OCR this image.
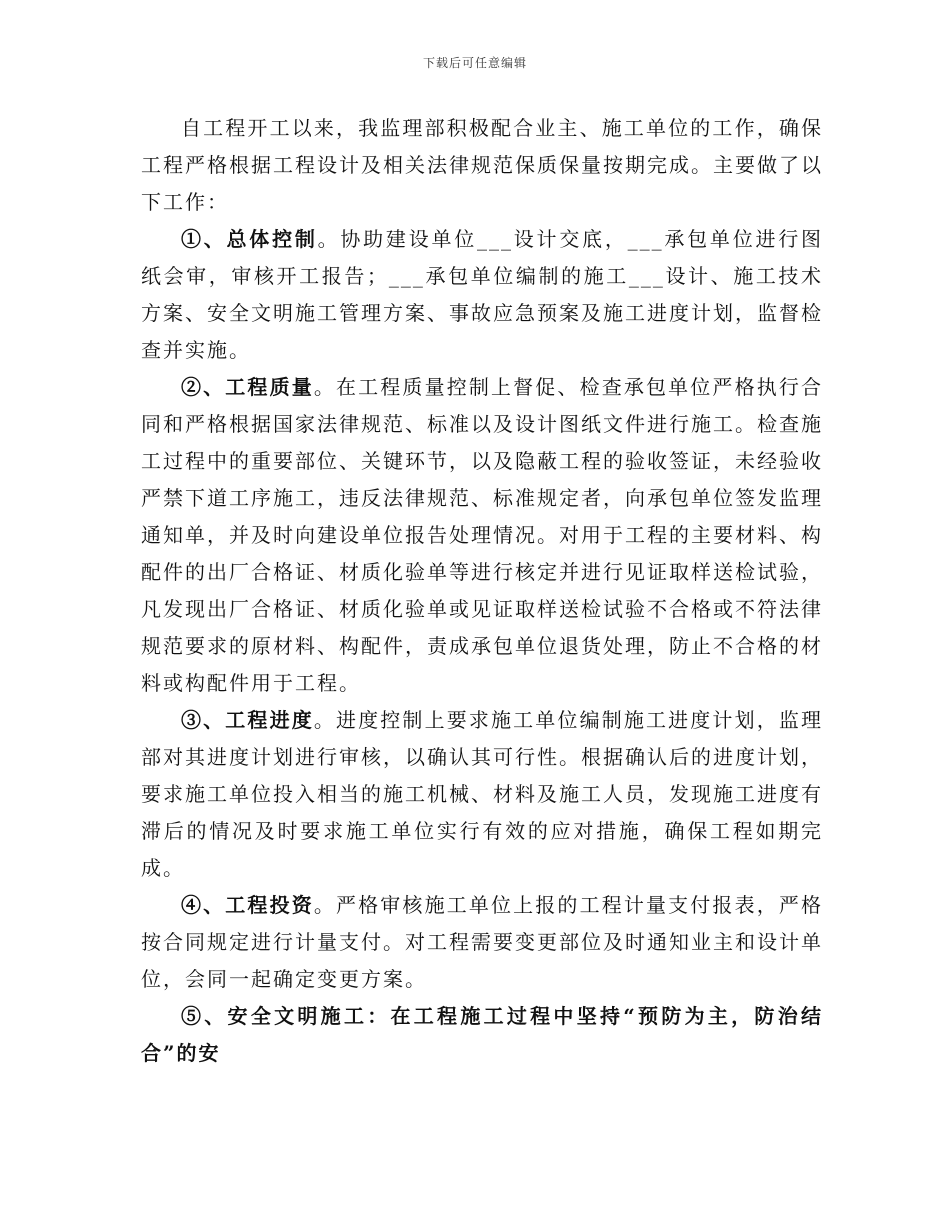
下载后可任意编辑

自工程开工以来，我监理部积极配合业主、施工单位的工作，确保工程严格根据工程设计及相关法律规范保质保量按期完成。主要做了以下工作：

①、总体控制。协助建设单位___设计交底，___承包单位进行图纸会审，审核开工报告；___承包单位编制的施工___设计、施工技术方案、安全文明施工管理方案、事故应急预案及施工进度计划，监督检查并实施。

②、工程质量。在工程质量控制上督促、检查承包单位严格执行合同和严格根据国家法律规范、标准以及设计图纸文件进行施工。检查施工过程中的重要部位、关键环节，以及隐蔽工程的验收签证，未经验收严禁下道工序施工，违反法律规范、标准规定者，向承包单位签发监理通知单，并及时向建设单位报告处理情况。对用于工程的主要材料、构配件的出厂合格证、材质化验单等进行核定并进行见证取样送检试验，凡发现出厂合格证、材质化验单或见证取样送检试验不合格或不符法律规范要求的原材料、构配件，责成承包单位退货处理，防止不合格的材料或构配件用于工程。

③、工程进度。进度控制上要求施工单位编制施工进度计划，监理部对其进度计划进行审核，以确认其可行性。根据确认后的进度计划，要求施工单位投入相当的施工机械、材料及施工人员，发现施工进度有滞后的情况及时要求施工单位实行有效的应对措施，确保工程如期完成。

④、工程投资。严格审核施工单位上报的工程计量支付报表，严格按合同规定进行计量支付。对工程需要变更部位及时通知业主和设计单位，会同一起确定变更方案。

⑤、安全文明施工：在工程施工过程中坚持“预防为主，防治结合”的安
